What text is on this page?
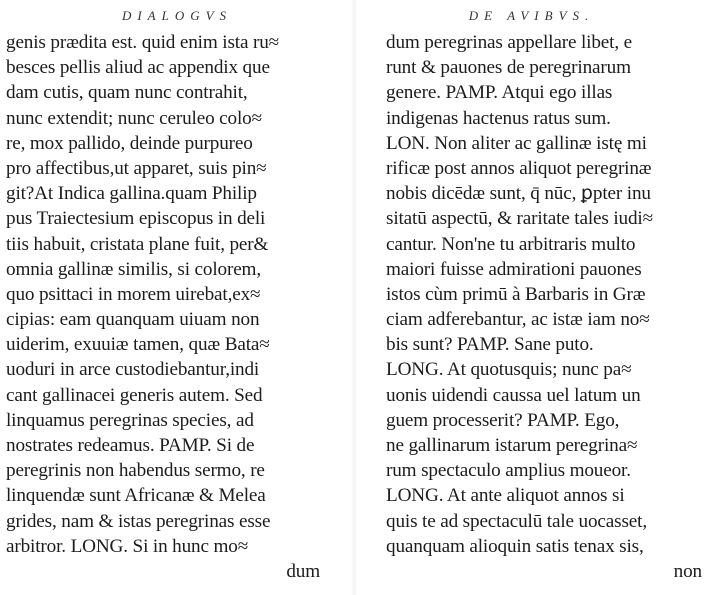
DIALOGVS
genis prædita est. quid enim ista ru≈
besces pellis aliud ac appendix que
dam cutis, quam nunc contrahit,
nunc extendit; nunc ceruleo colo≈
re, mox pallido, deinde purpureo
pro affectibus,ut apparet, suis pin≈
git?At Indica gallina.quam Philip
pus Traiectesium episcopus in deli
tiis habuit, cristata plane fuit, per&
omnia gallinæ similis, si colorem,
quo psittaci in morem uirebat,ex≈
cipias: eam quanquam uiuam non
uiderim, exuuiæ tamen, quæ Bata≈
uoduri in arce custodiebantur,indi
cant gallinacei generis autem. Sed
linquamus peregrinas species, ad
nostrates redeamus. PAMP. Si de
peregrinis non habendus sermo, re
linquendæ sunt Africanæ & Melea
grides, nam & istas peregrinas esse
arbitror. LONG. Si in hunc mo≈
dum
DE AVIBVS.
dum peregrinas appellare libet, e
runt & pauones de peregrinarum
genere. PAMP. Atqui ego illas
indigenas hactenus ratus sum.
LON. Non aliter ac gallinæ istę mi
rificæ post annos aliquot peregrinæ
nobis dicēdæ sunt, q̄ nūc, ꝑpter inu
sitatū aspectū, & raritate tales iudi≈
cantur. Non'ne tu arbitraris multo
maiori fuisse admirationi pauones
istos cùm primū à Barbaris in Græ
ciam adferebantur, ac istæ iam no≈
bis sunt? PAMP. Sane puto.
LONG. At quotusquis; nunc pa≈
uonis uidendi caussa uel latum un
guem processerit? PAMP. Ego,
ne gallinarum istarum peregrina≈
rum spectaculo amplius moueor.
LONG. At ante aliquot annos si
quis te ad spectaculū tale uocasset,
quanquam alioquin satis tenax sis,
non
